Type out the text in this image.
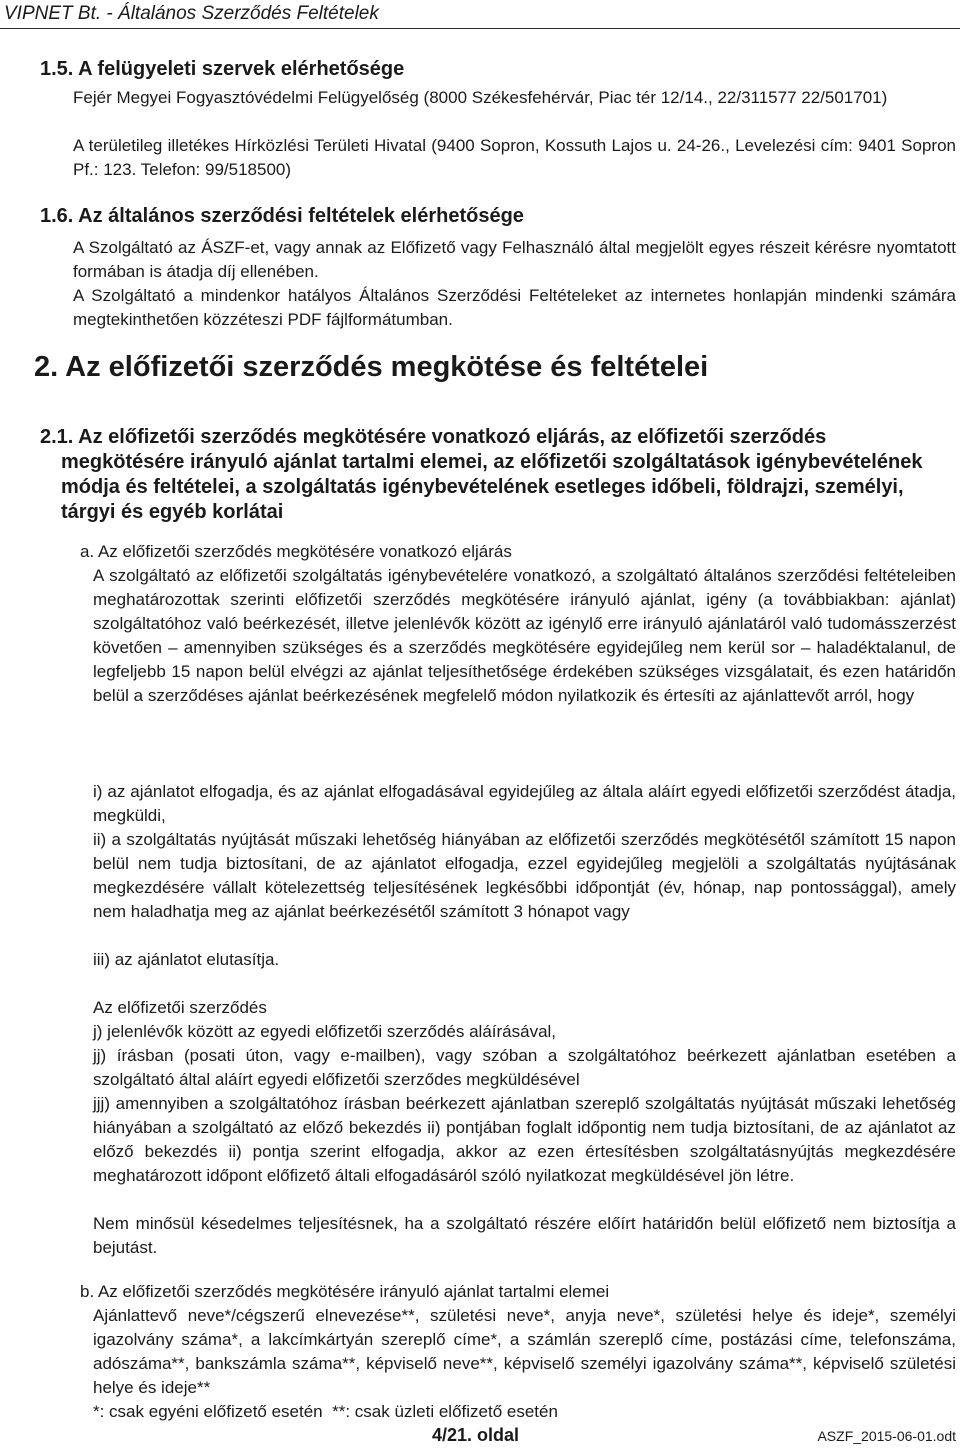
VIPNET Bt. - Általános Szerződés Feltételek
1.5. A felügyeleti szervek elérhetősége
Fejér Megyei Fogyasztóvédelmi Felügyelőség (8000 Székesfehérvár, Piac tér 12/14., 22/311577 22/501701)
A területileg illetékes Hírközlési Területi Hivatal (9400 Sopron, Kossuth Lajos u. 24-26., Levelezési cím: 9401 Sopron Pf.: 123. Telefon: 99/518500)
1.6. Az általános szerződési feltételek elérhetősége
A Szolgáltató az ÁSZF-et, vagy annak az Előfizető vagy Felhasználó által megjelölt egyes részeit kérésre nyomtatott formában is átadja díj ellenében.
A Szolgáltató a mindenkor hatályos Általános Szerződési Feltételeket az internetes honlapján mindenki számára megtekinthetően közzéteszi PDF fájlformátumban.
2. Az előfizetői szerződés megkötése és feltételei
2.1. Az előfizetői szerződés megkötésére vonatkozó eljárás, az előfizetői szerződés megkötésére irányuló ajánlat tartalmi elemei, az előfizetői szolgáltatások igénybevételének módja és feltételei, a szolgáltatás igénybevételének esetleges időbeli, földrajzi, személyi, tárgyi és egyéb korlátai
a. Az előfizetői szerződés megkötésére vonatkozó eljárás
A szolgáltató az előfizetői szolgáltatás igénybevételére vonatkozó, a szolgáltató általános szerződési feltételeiben meghatározottak szerinti előfizetői szerződés megkötésére irányuló ajánlat, igény (a továbbiakban: ajánlat) szolgáltatóhoz való beérkezését, illetve jelenlévők között az igénylő erre irányuló ajánlatáról való tudomásszerzést követően – amennyiben szükséges és a szerződés megkötésére egyidejűleg nem kerül sor – haladéktalanul, de legfeljebb 15 napon belül elvégzi az ajánlat teljesíthetősége érdekében szükséges vizsgálatait, és ezen határidőn belül a szerződéses ajánlat beérkezésének megfelelő módon nyilatkozik és értesíti az ajánlattevőt arról, hogy
i) az ajánlatot elfogadja, és az ajánlat elfogadásával egyidejűleg az általa aláírt egyedi előfizetői szerződést átadja, megküldi,
ii) a szolgáltatás nyújtását műszaki lehetőség hiányában az előfizetői szerződés megkötésétől számított 15 napon belül nem tudja biztosítani, de az ajánlatot elfogadja, ezzel egyidejűleg megjelöli a szolgáltatás nyújtásának megkezdésére vállalt kötelezettség teljesítésének legkésőbbi időpontját (év, hónap, nap pontossággal), amely nem haladhatja meg az ajánlat beérkezésétől számított 3 hónapot vagy
iii) az ajánlatot elutasítja.
Az előfizetői szerződés
j) jelenlévők között az egyedi előfizetői szerződés aláírásával,
jj) írásban (posati úton, vagy e-mailben), vagy szóban a szolgáltatóhoz beérkezett ajánlatban esetében a szolgáltató által aláírt egyedi előfizetői szerződes megküldésével
jjj) amennyiben a szolgáltatóhoz írásban beérkezett ajánlatban szereplő szolgáltatás nyújtását műszaki lehetőség hiányában a szolgáltató az előző bekezdés ii) pontjában foglalt időpontig nem tudja biztosítani, de az ajánlatot az előző bekezdés ii) pontja szerint elfogadja, akkor az ezen értesítésben szolgáltatásnyújtás megkezdésére meghatározott időpont előfizető általi elfogadásáról szóló nyilatkozat megküldésével jön létre.
Nem minősül késedelmes teljesítésnek, ha a szolgáltató részére előírt határidőn belül előfizető nem biztosítja a bejutást.
b. Az előfizetői szerződés megkötésére irányuló ajánlat tartalmi elemei
Ajánlattevő neve*/cégszerű elnevezése**, születési neve*, anyja neve*, születési helye és ideje*, személyi igazolvány száma*, a lakcímkártyán szereplő címe*, a számlán szereplő címe, postázási címe, telefonszáma, adószáma**, bankszámla száma**, képviselő neve**, képviselő személyi igazolvány száma**, képviselő születési helye és ideje**
*: csak egyéni előfizető esetén  **: csak üzleti előfizető esetén
4/21. oldal	ASZF_2015-06-01.odt
